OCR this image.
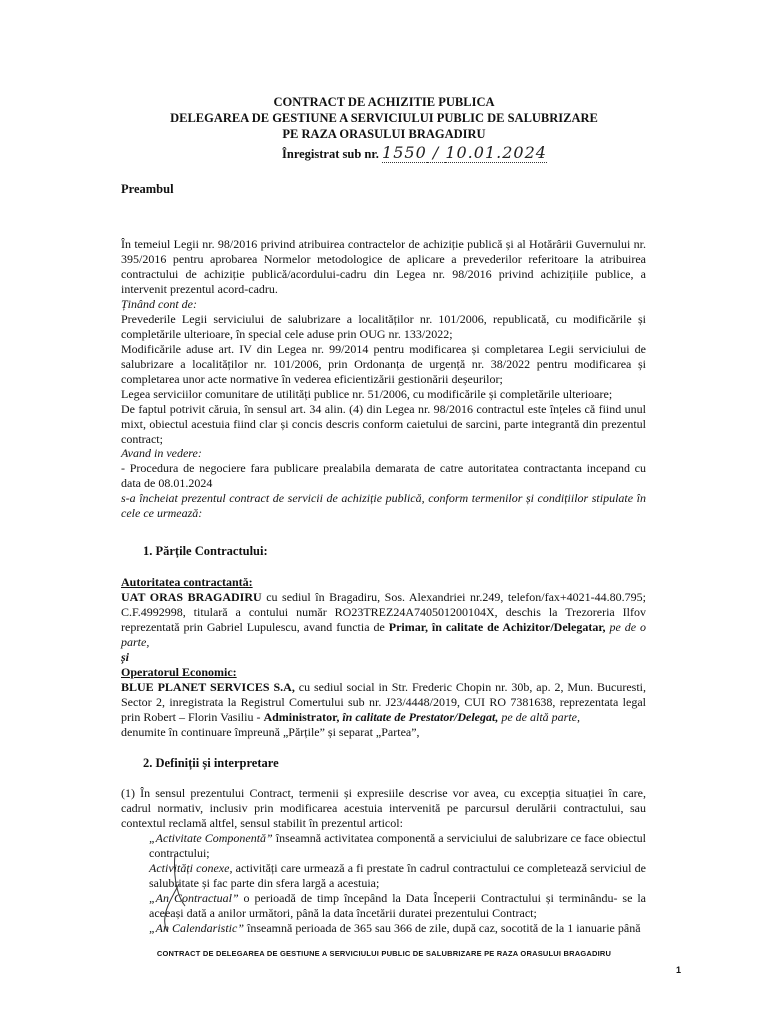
CONTRACT DE ACHIZITIE PUBLICA
DELEGAREA DE GESTIUNE A SERVICIULUI PUBLIC DE SALUBRIZARE
PE RAZA ORASULUI BRAGADIRU
Înregistrat sub nr. 1550 / 10.01.2024
Preambul

În temeiul Legii nr. 98/2016 privind atribuirea contractelor de achiziție publică și al Hotărârii Guvernului nr. 395/2016 pentru aprobarea Normelor metodologice de aplicare a prevederilor referitoare la atribuirea contractului de achiziție publică/acordului-cadru din Legea nr. 98/2016 privind achizițiile publice, a intervenit prezentul acord-cadru.

Ținând cont de:

Prevederile Legii serviciului de salubrizare a localităților nr. 101/2006, republicată, cu modificările și completările ulterioare, în special cele aduse prin OUG nr. 133/2022;

Modificările aduse art. IV din Legea nr. 99/2014 pentru modificarea și completarea Legii serviciului de salubrizare a localităților nr. 101/2006, prin Ordonanța de urgență nr. 38/2022 pentru modificarea și completarea unor acte normative în vederea eficientizării gestionării deșeurilor;

Legea serviciilor comunitare de utilități publice nr. 51/2006, cu modificările și completările ulterioare;

De faptul potrivit căruia, în sensul art. 34 alin. (4) din Legea nr. 98/2016 contractul este înțeles că fiind unul mixt, obiectul acestuia fiind clar și concis descris conform caietului de sarcini, parte integrantă din prezentul contract;

Avand in vedere:

- Procedura de negociere fara publicare prealabila demarata de catre autoritatea contractanta incepand cu data de 08.01.2024

s-a încheiat prezentul contract de servicii de achiziție publică, conform termenilor și condițiilor stipulate în cele ce urmează:

1. Părțile Contractului:

Autoritatea contractantă:

UAT ORAS BRAGADIRU cu sediul în Bragadiru, Sos. Alexandriei nr.249, telefon/fax+4021-44.80.795; C.F.4992998, titulară a contului număr RO23TREZ24A740501200104X, deschis la Trezoreria Ilfov reprezentată prin Gabriel Lupulescu, avand functia de Primar, în calitate de Achizitor/Delegatar, pe de o parte,

și

Operatorul Economic:

BLUE PLANET SERVICES S.A, cu sediul social in Str. Frederic Chopin nr. 30b, ap. 2, Mun. Bucuresti, Sector 2, inregistrata la Registrul Comertului sub nr. J23/4448/2019, CUI RO 7381638, reprezentata legal prin Robert – Florin Vasiliu - Administrator, în calitate de Prestator/Delegat, pe de altă parte,

denumite în continuare împreună „Părțile” și separat „Partea”,

2. Definiții și interpretare

(1) În sensul prezentului Contract, termenii și expresiile descrise vor avea, cu excepția situației în care, cadrul normativ, inclusiv prin modificarea acestuia intervenită pe parcursul derulării contractului, sau contextul reclamă altfel, sensul stabilit în prezentul articol:

„Activitate Componentă” înseamnă activitatea componentă a serviciului de salubrizare ce face obiectul contractului;

Activități conexe, activități care urmează a fi prestate în cadrul contractului ce completează serviciul de salubritate și fac parte din sfera largă a acestuia;

„An Contractual” o perioadă de timp începând la Data Începerii Contractului și terminându- se la aceeași dată a anilor următori, până la data încetării duratei prezentului Contract;

„An Calendaristic” înseamnă perioada de 365 sau 366 de zile, după caz, socotită de la 1 ianuarie până

CONTRACT DE DELEGAREA DE GESTIUNE A SERVICIULUI PUBLIC DE SALUBRIZARE PE RAZA ORASULUI BRAGADIRU
1
